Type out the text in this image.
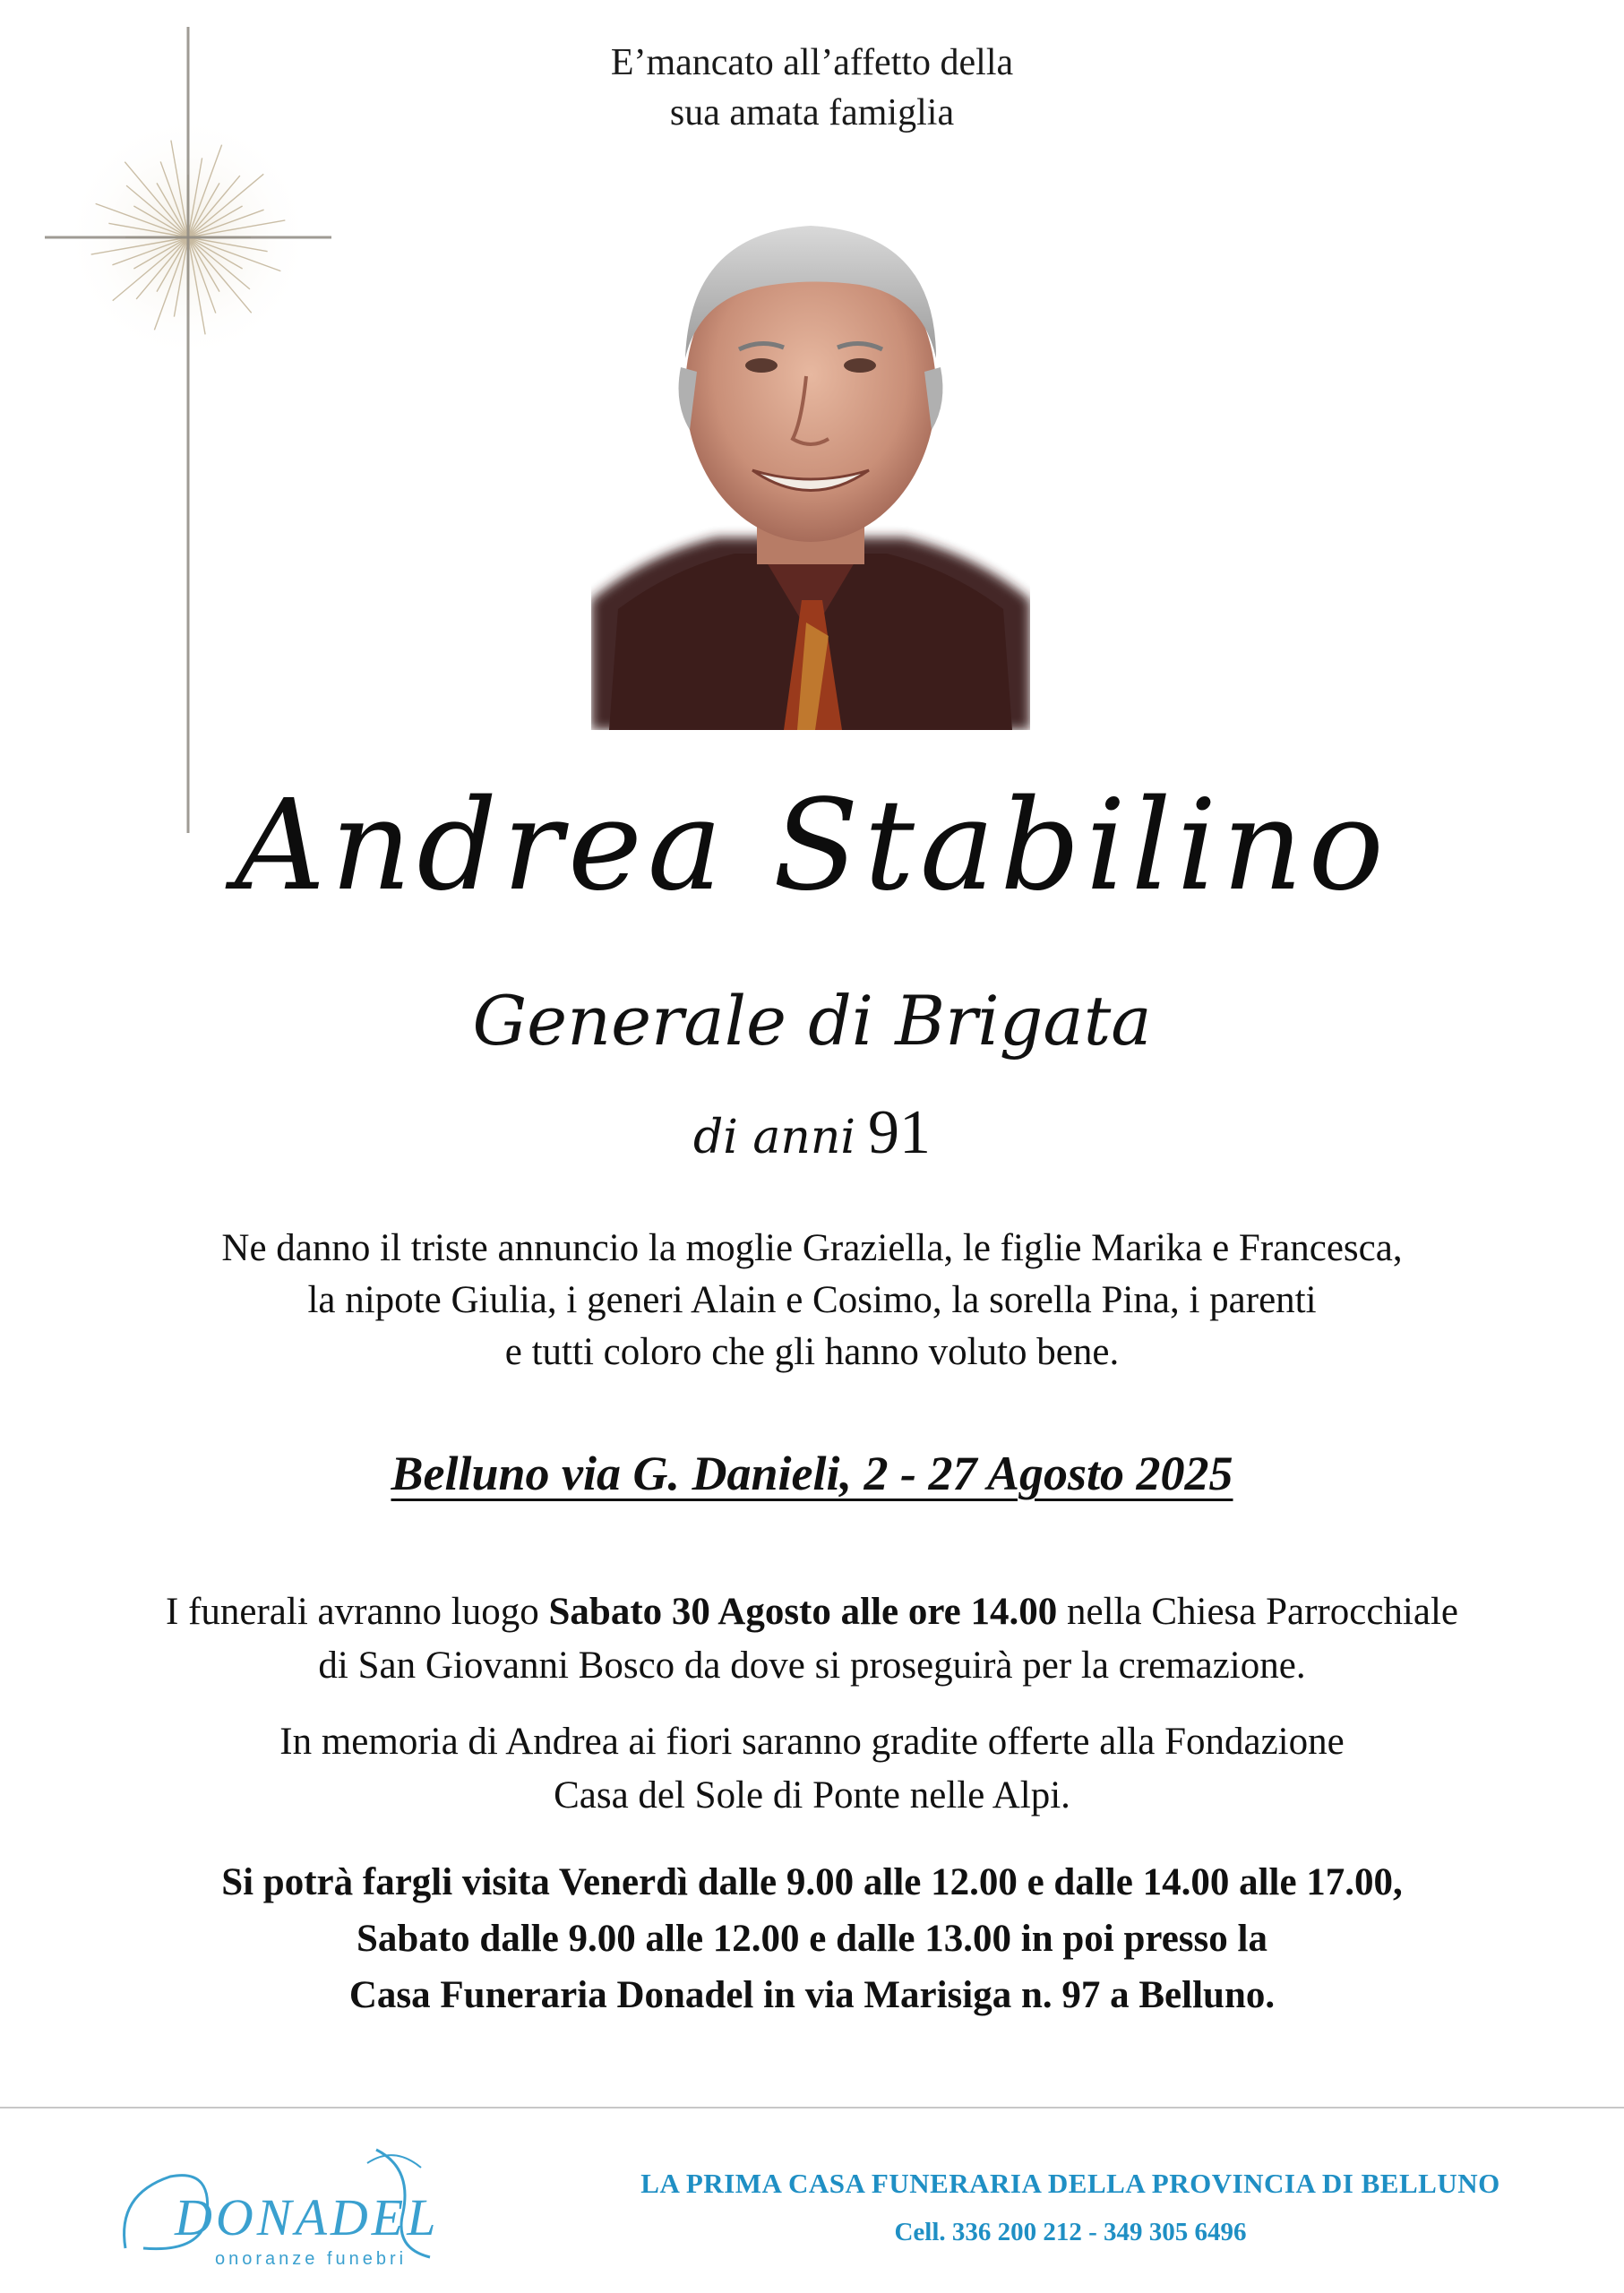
E’mancato all’affetto della
sua amata famiglia
Andrea Stabilino
Generale di Brigata
di anni 91
Ne danno il triste annuncio la moglie Graziella, le figlie Marika e Francesca,
la nipote Giulia, i generi Alain e Cosimo, la sorella Pina, i parenti
e tutti coloro che gli hanno voluto bene.
Belluno via G. Danieli, 2 - 27 Agosto 2025
I funerali avranno luogo Sabato 30 Agosto alle ore 14.00 nella Chiesa Parrocchiale
di San Giovanni Bosco da dove si proseguirà per la cremazione.
In memoria di Andrea ai fiori saranno gradite offerte alla Fondazione
Casa del Sole di Ponte nelle Alpi.
Si potrà fargli visita Venerdì dalle 9.00 alle 12.00 e dalle 14.00 alle 17.00,
Sabato dalle 9.00 alle 12.00 e dalle 13.00 in poi presso la
Casa Funeraria Donadel in via Marisiga n. 97 a Belluno.
DONADEL
onoranze funebri
LA PRIMA CASA FUNERARIA DELLA PROVINCIA DI BELLUNO
Cell. 336 200 212 - 349 305 6496
